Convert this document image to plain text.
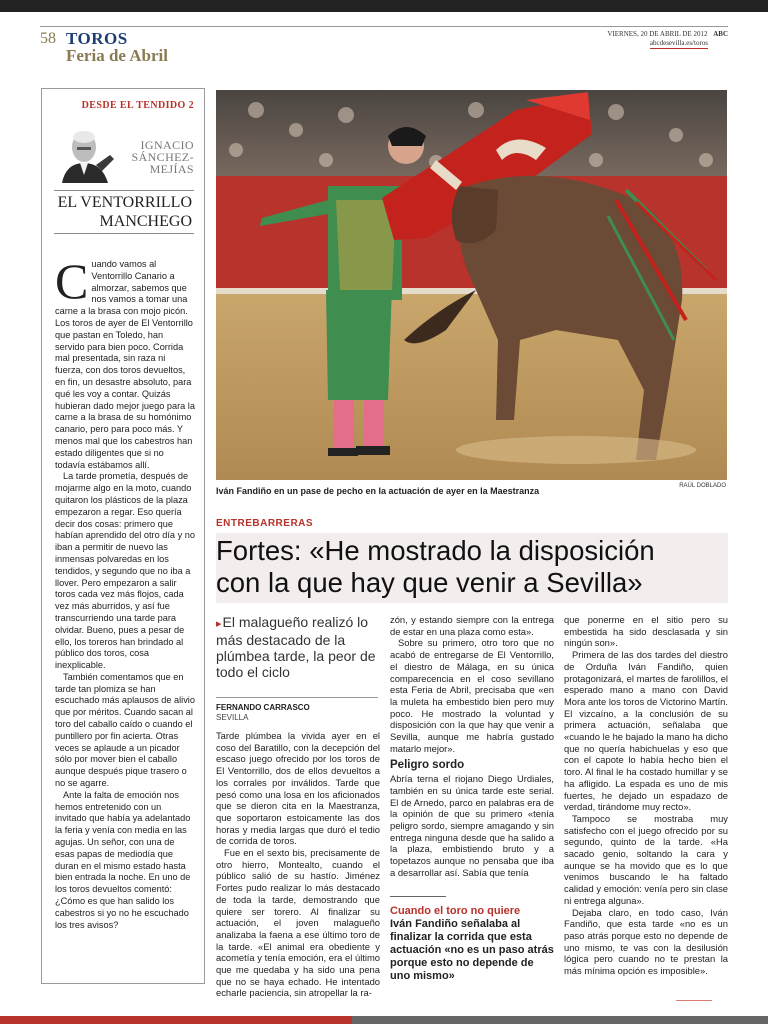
58 TOROS
Feria de Abril
VIERNES, 20 DE ABRIL DE 2012 ABC
abcdesevilla.es/toros
DESDE EL TENDIDO 2
IGNACIO
SÁNCHEZ-
MEJÍAS
EL VENTORRILLO
MANCHEGO

Cuando vamos al Ventorrillo Canario a almorzar, sabemos que nos vamos a tomar una carne a la brasa con mojo picón. Los toros de ayer de El Ventorrillo que pastan en Toledo, han servido para bien poco. Corrida mal presentada, sin raza ni fuerza, con dos toros devueltos, en fin, un desastre absoluto, para qué les voy a contar. Quizás hubieran dado mejor juego para la carne a la brasa de su homónimo canario, pero para poco más. Y menos mal que los cabestros han estado diligentes que si no todavía estábamos allí.

La tarde prometía, después de mojarme algo en la moto, cuando quitaron los plásticos de la plaza empezaron a regar. Eso quería decir dos cosas: primero que habían aprendido del otro día y no iban a permitir de nuevo las inmensas polvaredas en los tendidos, y segundo que no iba a llover. Pero empezaron a salir toros cada vez más flojos, cada vez más aburridos, y así fue transcurriendo una tarde para olvidar. Bueno, pues a pesar de ello, los toreros han brindado al público dos toros, cosa inexplicable.

También comentamos que en tarde tan plomiza se han escuchado más aplausos de alivio que por méritos. Cuando sacan al toro del caballo caído o cuando el puntillero por fin acierta. Otras veces se aplaude a un picador sólo por mover bien el caballo aunque después pique trasero o no se agarre.

Ante la falta de emoción nos hemos entretenido con un invitado que había ya adelantado la feria y venía con media en las agujas. Un señor, con una de esas papas de mediodía que duran en el mismo estado hasta bien entrada la noche. En uno de los toros devueltos comentó: ¿Cómo es que han salido los cabestros si yo no he escuchado los tres avisos?

Iván Fandiño en un pase de pecho en la actuación de ayer en la Maestranza	RAÚL DOBLADO
ENTREBARRERAS
Fortes: «He mostrado la disposición
con la que hay que venir a Sevilla»
▸El malagueño realizó lo más destacado de la plúmbea tarde, la peor de todo el ciclo
FERNANDO CARRASCO
SEVILLA

Tarde plúmbea la vivida ayer en el coso del Baratillo, con la decepción del escaso juego ofrecido por los toros de El Ventorrillo, dos de ellos devueltos a los corrales por inválidos. Tarde que pesó como una losa en los aficionados que se dieron cita en la Maestranza, que soportaron estoicamente las dos horas y media largas que duró el tedio de corrida de toros.

Fue en el sexto bis, precisamente de otro hierro, Montealto, cuando el público salió de su hastío. Jiménez Fortes pudo realizar lo más destacado de toda la tarde, demostrando que quiere ser torero. Al finalizar su actuación, el joven malagueño analizaba la faena a ese último toro de la tarde. «El animal era obediente y acometía y tenía emoción, era el último que me quedaba y ha sido una pena que no se haya echado. He intentado echarle paciencia, sin atropellar la ra-

zón, y estando siempre con la entrega de estar en una plaza como esta».

Sobre su primero, otro toro que no acabó de entregarse de El Ventorrillo, el diestro de Málaga, en su única comparecencia en el coso sevillano esta Feria de Abril, precisaba que «en la muleta ha embestido bien pero muy poco. He mostrado la voluntad y disposición con la que hay que venir a Sevilla, aunque me habría gustado matarlo mejor».

Peligro sordo

Abría terna el riojano Diego Urdiales, también en su única tarde este serial. El de Arnedo, parco en palabras era de la opinión de que su primero «tenía peligro sordo, siempre amagando y sin entrega ninguna desde que ha salido a la plaza, embistiendo bruto y a topetazos aunque no pensaba que iba a desarrollar así. Sabía que tenía

Cuando el toro no quiere
Iván Fandiño señalaba al finalizar la corrida que esta actuación «no es un paso atrás porque esto no depende de uno mismo»

que ponerme en el sitio pero su embestida ha sido desclasada y sin ningún son».

Primera de las dos tardes del diestro de Orduña Iván Fandiño, quien protagonizará, el martes de farolillos, el esperado mano a mano con David Mora ante los toros de Victorino Martín. El vizcaíno, a la conclusión de su primera actuación, señalaba que «cuando le he bajado la mano ha dicho que no quería habichuelas y eso que con el capote lo había hecho bien el toro. Al final le ha costado humillar y se ha afligido. La espada es uno de mis fuertes, he dejado un espadazo de verdad, tirándome muy recto».

Tampoco se mostraba muy satisfecho con el juego ofrecido por su segundo, quinto de la tarde. «Ha sacado genio, soltando la cara y aunque se ha movido que es lo que venimos buscando le ha faltado calidad y emoción: venía pero sin clase ni entrega alguna».

Dejaba claro, en todo caso, Iván Fandiño, que esta tarde «no es un paso atrás porque esto no depende de uno mismo, te vas con la desilusión lógica pero cuando no te prestan la más mínima opción es imposible».
